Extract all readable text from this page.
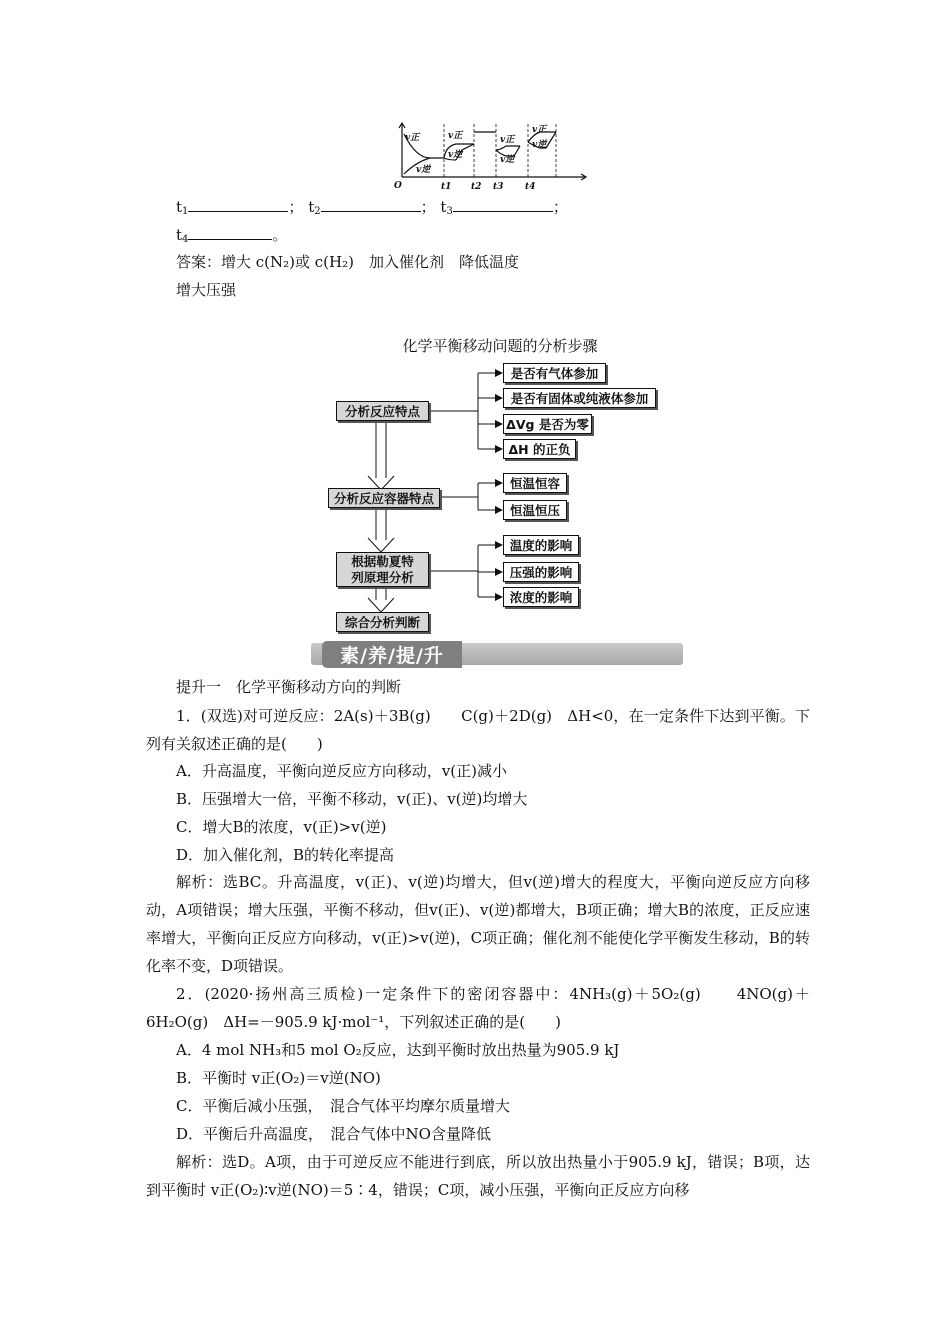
v正
v逆
v正
v逆
v正
v逆
v正
v逆
O	t1 t2 t3 t4
$t_1$	； $t_2$	； $t_3$	；
$t_4$	。
答案：增大 c(N₂)或 c(H₂)　加入催化剂　降低温度
增大压强
化学平衡移动问题的分析步骤
分析反应特点
分析反应容器特点
根据勒夏特列原理分析
综合分析判断
是否有气体参加
是否有固体或纯液体参加
ΔVg 是否为零
ΔH 的正负
恒温恒容
恒温恒压
温度的影响
压强的影响
浓度的影响
素/养/提/升
提升一　化学平衡移动方向的判断
1．(双选)对可逆反应：2A(s)＋3B(g)　　C(g)＋2D(g)　ΔH<0，在一定条件下达到平衡。下列有关叙述正确的是(　　)
A．升高温度，平衡向逆反应方向移动，v(正)减小
B．压强增大一倍，平衡不移动，v(正)、v(逆)均增大
C．增大B的浓度，v(正)>v(逆)
D．加入催化剂，B的转化率提高
解析：选BC。升高温度，v(正)、v(逆)均增大，但v(逆)增大的程度大，平衡向逆反应方向移动，A项错误；增大压强，平衡不移动，但v(正)、v(逆)都增大，B项正确；增大B的浓度，正反应速率增大，平衡向正反应方向移动，v(正)>v(逆)，C项正确；催化剂不能使化学平衡发生移动，B的转化率不变，D项错误。
2．(2020·扬州高三质检)一定条件下的密闭容器中：4NH₃(g)＋5O₂(g)　　4NO(g)＋6H₂O(g)　ΔH=－905.9 kJ·mol⁻¹，下列叙述正确的是(　　)
A．4 mol NH₃和5 mol O₂反应，达到平衡时放出热量为905.9 kJ
B．平衡时 v正(O₂)＝v逆(NO)
C．平衡后减小压强，　混合气体平均摩尔质量增大
D．平衡后升高温度，　混合气体中NO含量降低
解析：选D。A项，由于可逆反应不能进行到底，所以放出热量小于905.9 kJ，错误；B项，达到平衡时 v正(O₂)∶v逆(NO)＝5∶4，错误；C项，减小压强，平衡向正反应方向移
